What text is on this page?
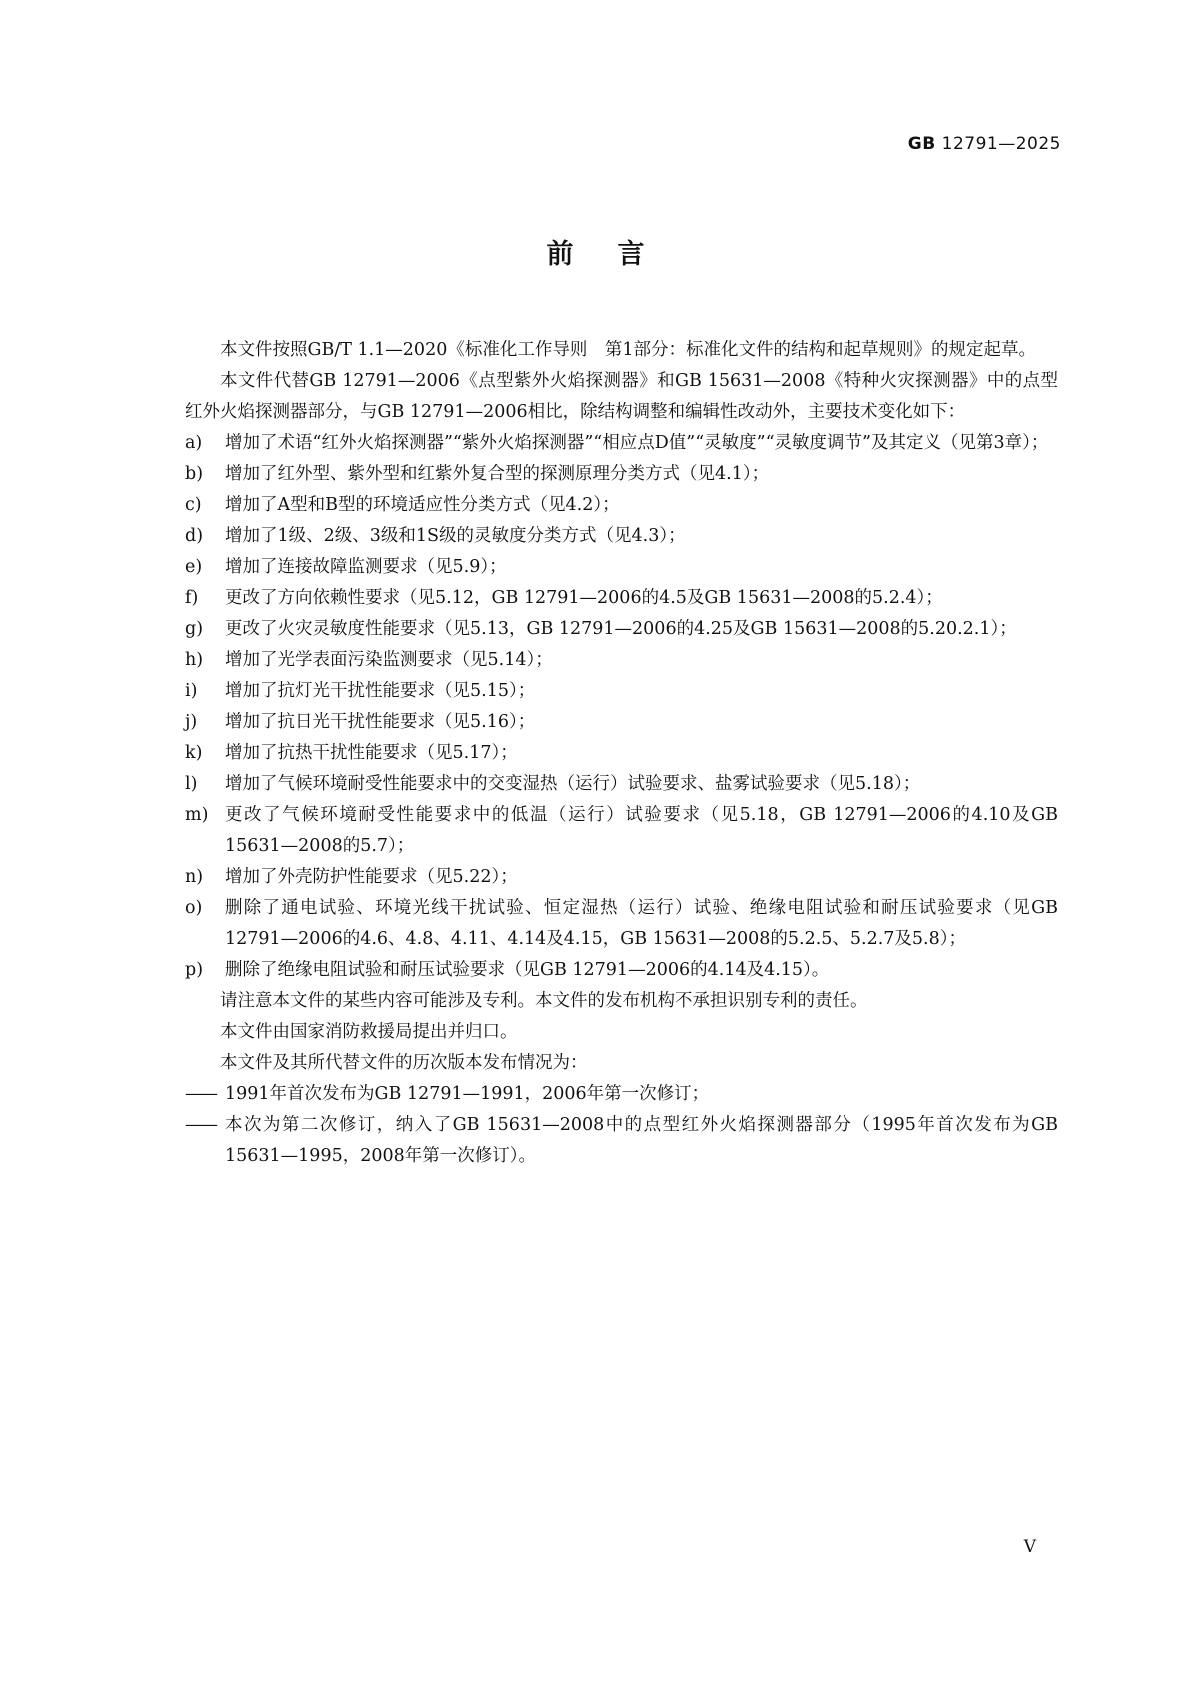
GB 12791—2025
前言

本文件按照GB/T 1.1—2020《标准化工作导则　第1部分：标准化文件的结构和起草规则》的规定起草。

本文件代替GB 12791—2006《点型紫外火焰探测器》和GB 15631—2008《特种火灾探测器》中的点型红外火焰探测器部分，与GB 12791—2006相比，除结构调整和编辑性改动外，主要技术变化如下：

a)	增加了术语“红外火焰探测器”“紫外火焰探测器”“相应点D值”“灵敏度”“灵敏度调节”及其定义（见第3章）；

b)	增加了红外型、紫外型和红紫外复合型的探测原理分类方式（见4.1）；

c)	增加了A型和B型的环境适应性分类方式（见4.2）；

d)	增加了1级、2级、3级和1S级的灵敏度分类方式（见4.3）；

e)	增加了连接故障监测要求（见5.9）；

f)	更改了方向依赖性要求（见5.12，GB 12791—2006的4.5及GB 15631—2008的5.2.4）；

g)	更改了火灾灵敏度性能要求（见5.13，GB 12791—2006的4.25及GB 15631—2008的5.20.2.1）；

h)	增加了光学表面污染监测要求（见5.14）；

i)	增加了抗灯光干扰性能要求（见5.15）；

j)	增加了抗日光干扰性能要求（见5.16）；

k)	增加了抗热干扰性能要求（见5.17）；

l)	增加了气候环境耐受性能要求中的交变湿热（运行）试验要求、盐雾试验要求（见5.18）；

m) 更改了气候环境耐受性能要求中的低温（运行）试验要求（见5.18，GB 12791—2006的4.10及GB 15631—2008的5.7）；

n)	增加了外壳防护性能要求（见5.22）；

o)	删除了通电试验、环境光线干扰试验、恒定湿热（运行）试验、绝缘电阻试验和耐压试验要求（见GB 12791—2006的4.6、4.8、4.11、4.14及4.15，GB 15631—2008的5.2.5、5.2.7及5.8）；

p)	删除了绝缘电阻试验和耐压试验要求（见GB 12791—2006的4.14及4.15）。

请注意本文件的某些内容可能涉及专利。本文件的发布机构不承担识别专利的责任。

本文件由国家消防救援局提出并归口。

本文件及其所代替文件的历次版本发布情况为：

—— 1991年首次发布为GB 12791—1991，2006年第一次修订；

—— 本次为第二次修订，纳入了GB 15631—2008中的点型红外火焰探测器部分（1995年首次发布为GB 15631—1995，2008年第一次修订）。

V
